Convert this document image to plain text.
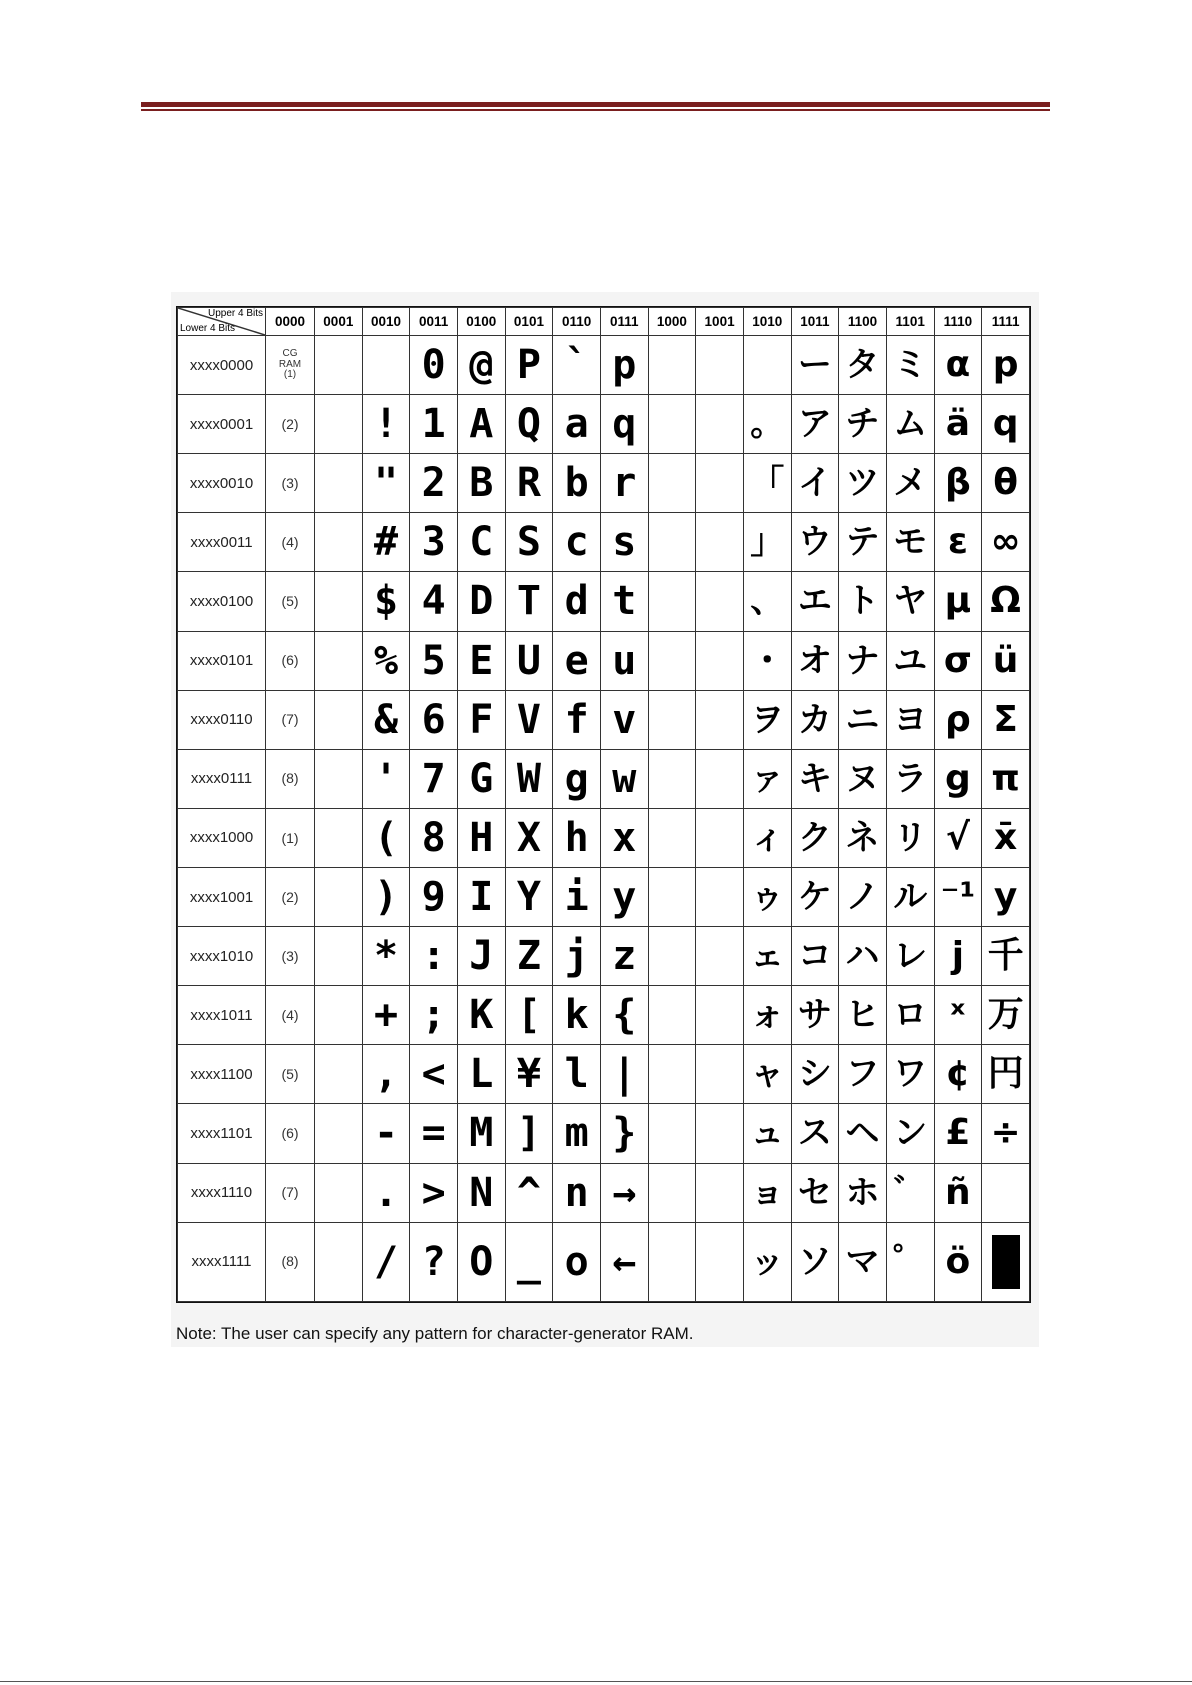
Upper 4 Bits
Lower 4 Bits	0000	0001	0010	0011	0100	0101	0110	0111	1000	1001	1010	1011	1100	1101	1110	1111
xxxx0000	CG
RAM
(1)			0	@	P	`	p				ー	タ	ミ	α	p
xxxx0001	(2)		!	1	A	Q	a	q			。	ア	チ	ム	ä	q
xxxx0010	(3)		"	2	B	R	b	r			「	イ	ツ	メ	β	θ
xxxx0011	(4)		#	3	C	S	c	s			」	ウ	テ	モ	ε	∞
xxxx0100	(5)		$	4	D	T	d	t			、	エ	ト	ヤ	μ	Ω
xxxx0101	(6)		%	5	E	U	e	u			・	オ	ナ	ユ	σ	ü
xxxx0110	(7)		&	6	F	V	f	v			ヲ	カ	ニ	ヨ	ρ	Σ
xxxx0111	(8)		'	7	G	W	g	w			ァ	キ	ヌ	ラ	g	π
xxxx1000	(1)		(	8	H	X	h	x			ィ	ク	ネ	リ	√	x̄
xxxx1001	(2)		)	9	I	Y	i	y			ゥ	ケ	ノ	ル	⁻¹	y
xxxx1010	(3)		*	:	J	Z	j	z			ェ	コ	ハ	レ	j	千
xxxx1011	(4)		+	;	K	[	k	{			ォ	サ	ヒ	ロ	ˣ	万
xxxx1100	(5)		,	<	L	¥	l	|			ャ	シ	フ	ワ	¢	円
xxxx1101	(6)		-	=	M	]	m	}			ュ	ス	ヘ	ン	£	÷
xxxx1110	(7)		.	>	N	^	n	→			ョ	セ	ホ	゛	ñ	
xxxx1111	(8)		/	?	O	_	o	←			ッ	ソ	マ	゜	ö	
Note: The user can specify any pattern for character-generator RAM.
